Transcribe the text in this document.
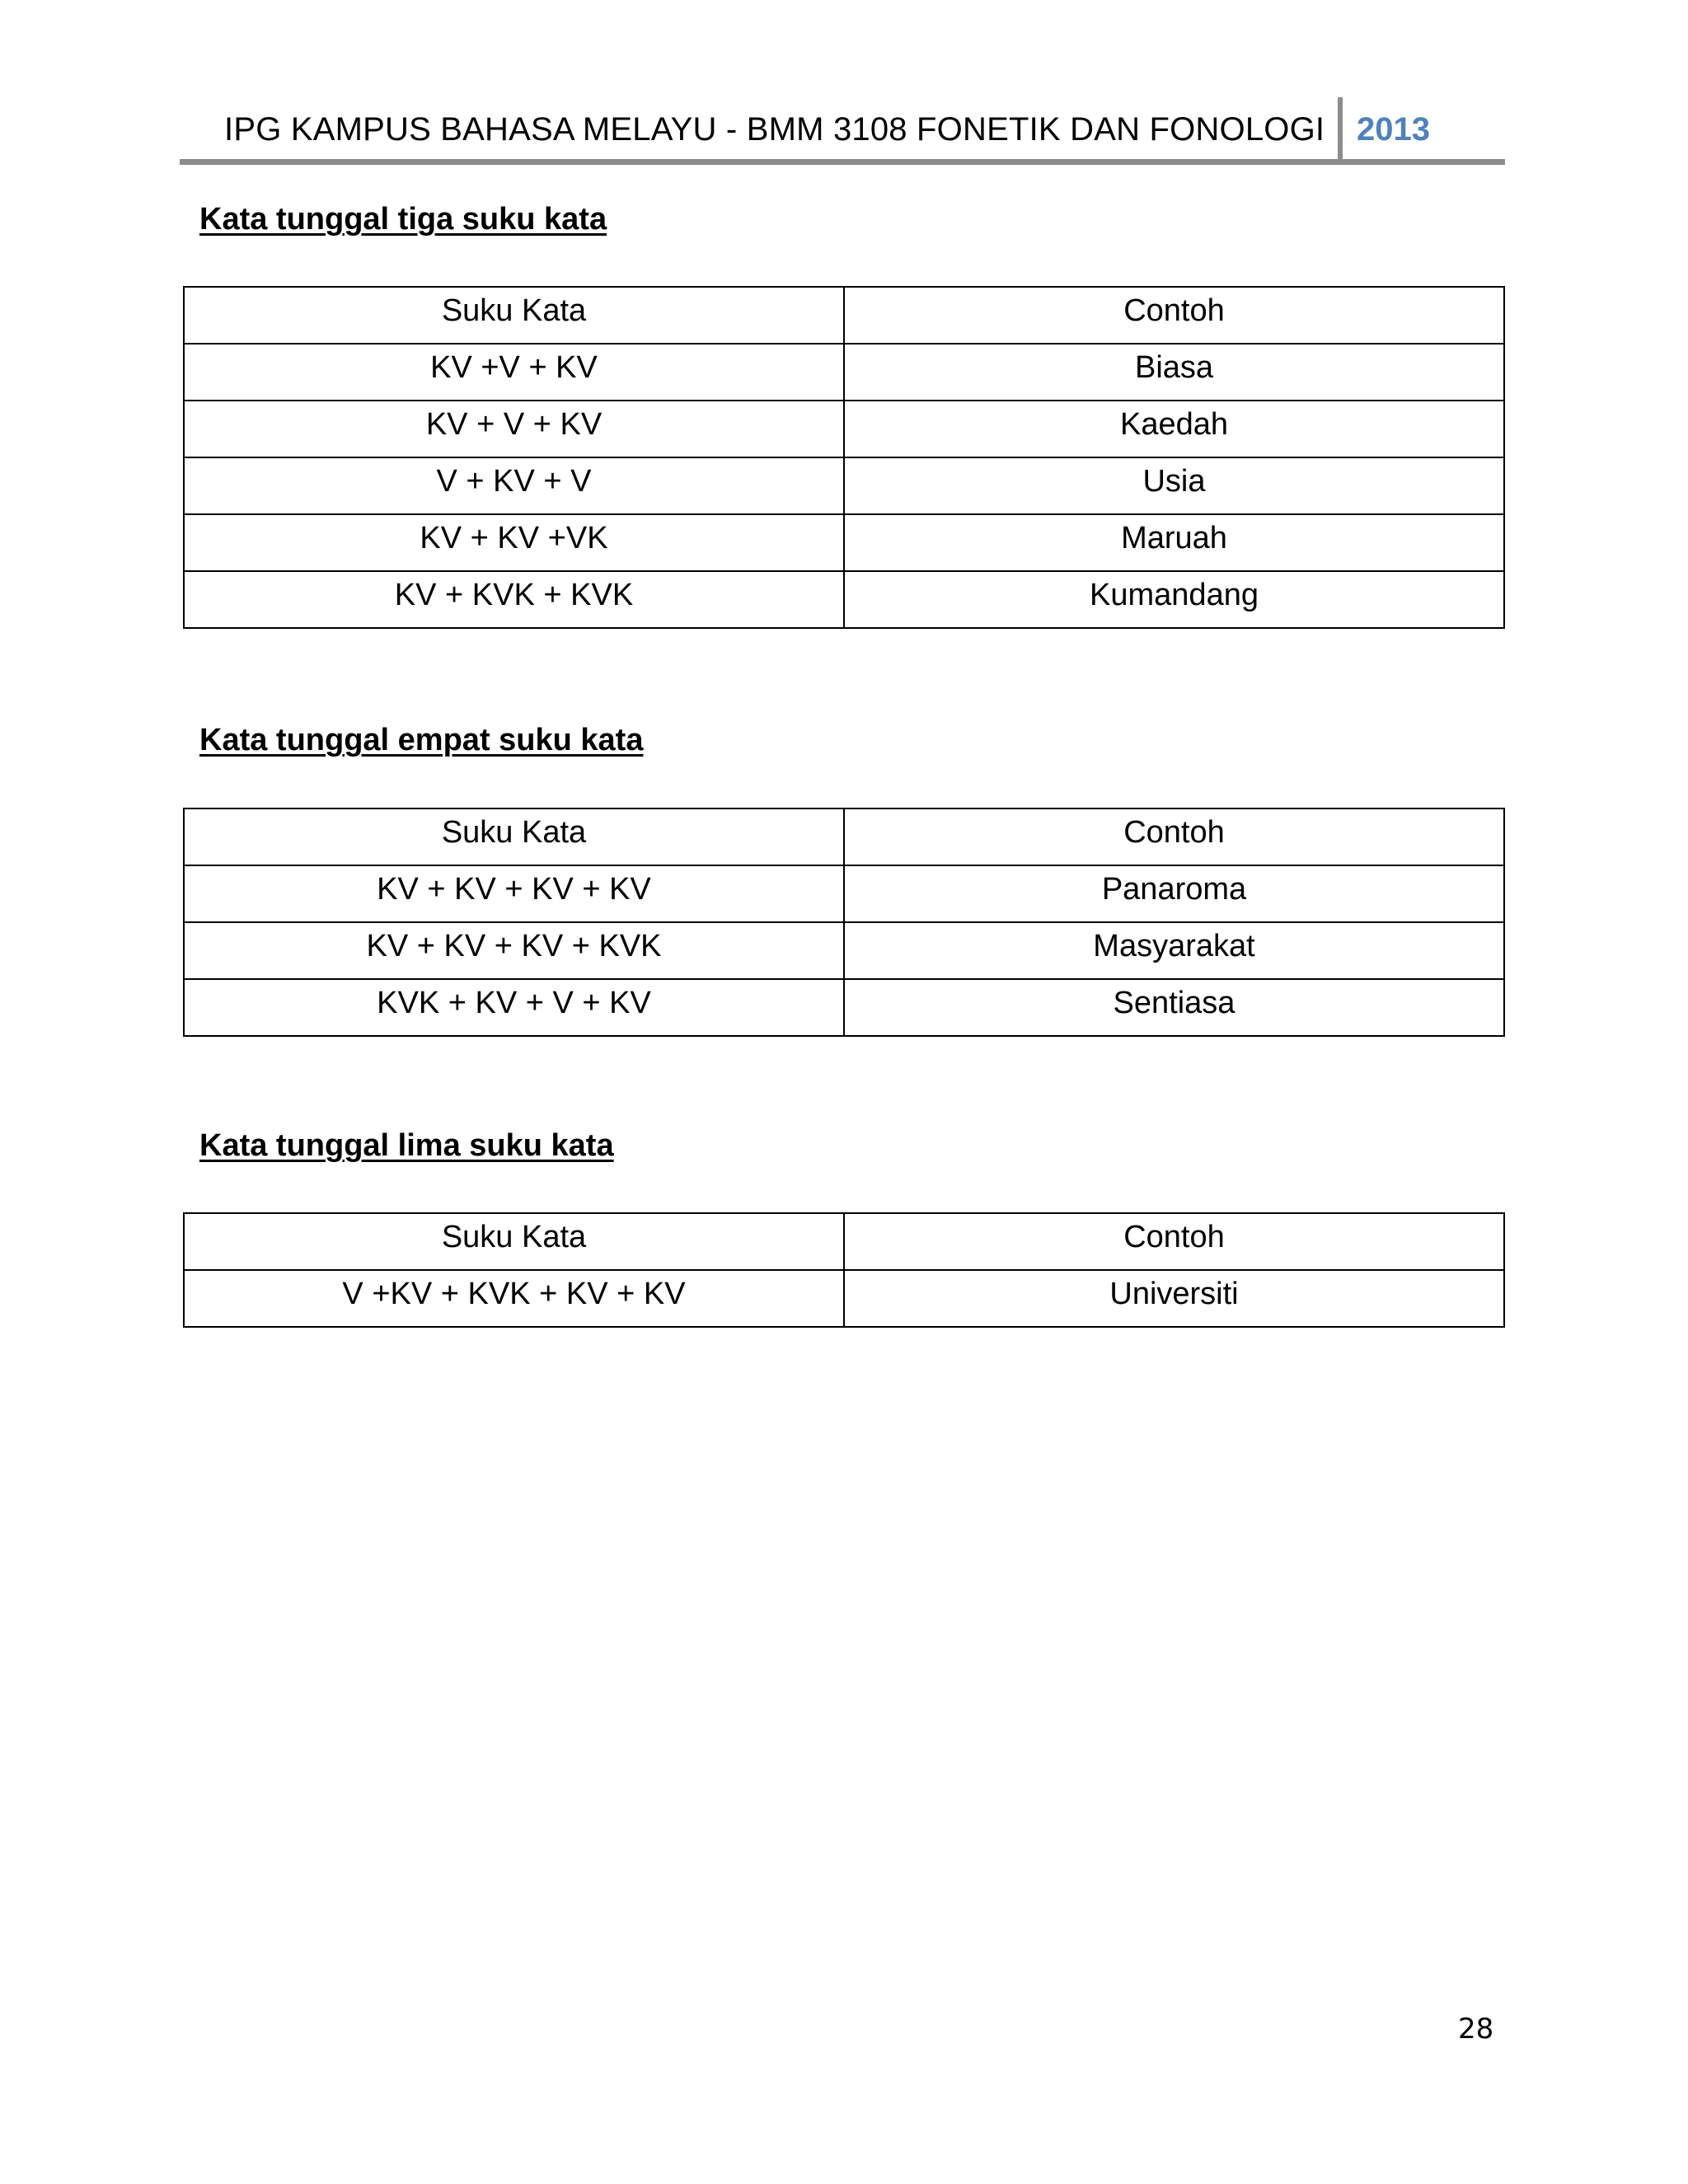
IPG KAMPUS BAHASA MELAYU - BMM 3108 FONETIK DAN FONOLOGI 2013
Kata tunggal tiga suku kata
Suku Kata	Contoh
KV +V + KV	Biasa
KV + V + KV	Kaedah
V + KV + V	Usia
KV + KV +VK	Maruah
KV + KVK + KVK	Kumandang
Kata tunggal empat suku kata
Suku Kata	Contoh
KV + KV + KV + KV	Panaroma
KV + KV + KV + KVK	Masyarakat
KVK + KV + V + KV	Sentiasa
Kata tunggal lima suku kata
Suku Kata	Contoh
V +KV + KVK + KV + KV	Universiti
28
